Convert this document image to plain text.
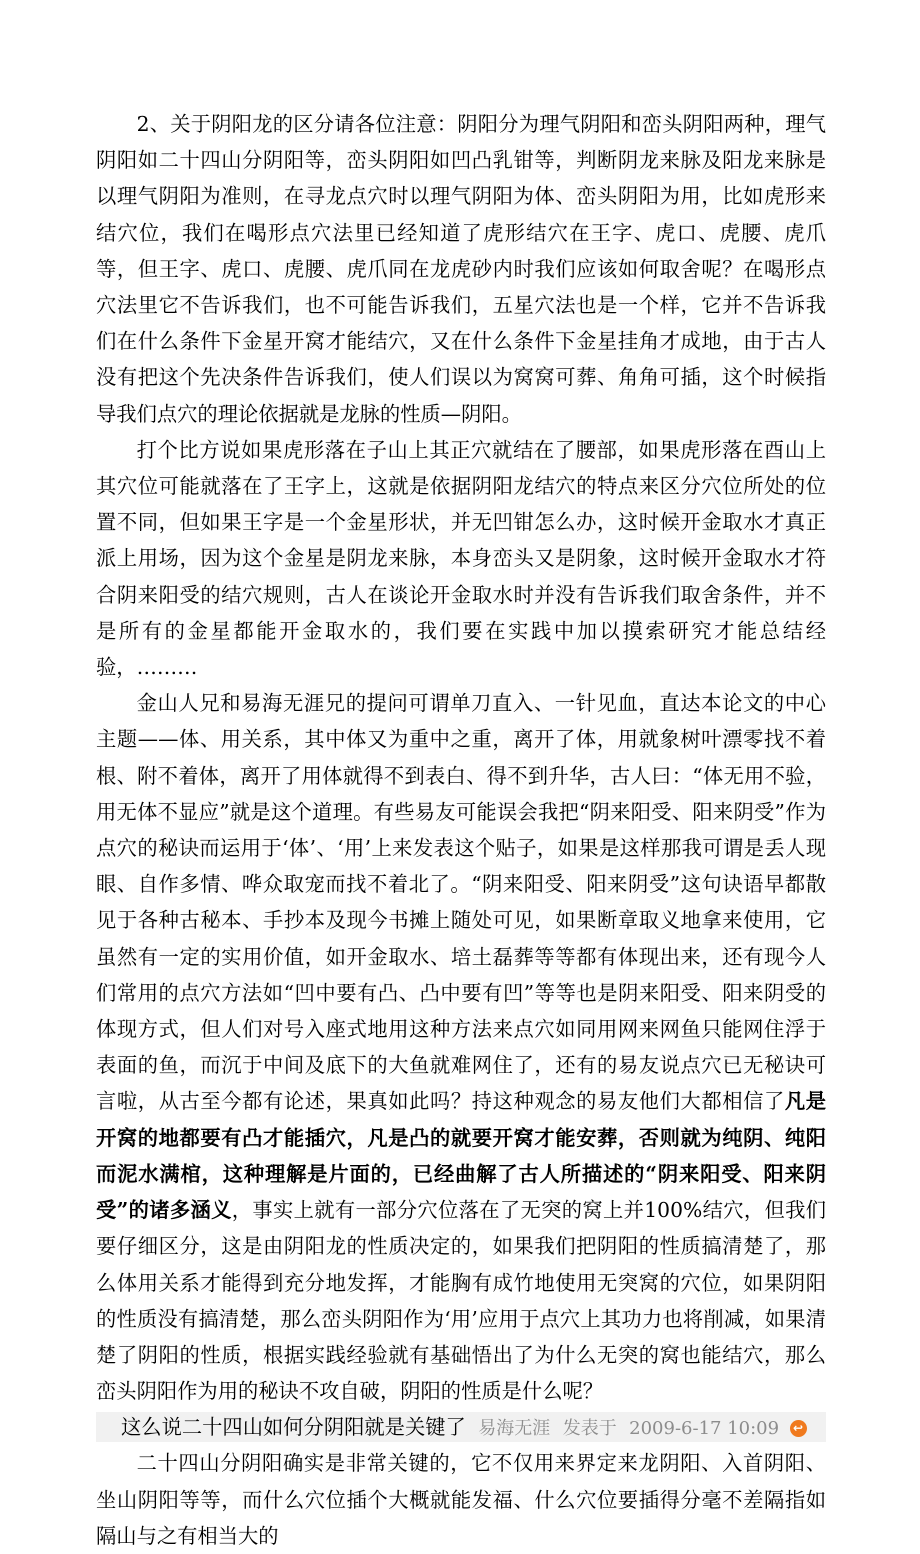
2、关于阴阳龙的区分请各位注意：阴阳分为理气阴阳和峦头阴阳两种，理气阴阳如二十四山分阴阳等，峦头阴阳如凹凸乳钳等，判断阴龙来脉及阳龙来脉是以理气阴阳为准则，在寻龙点穴时以理气阴阳为体、峦头阴阳为用，比如虎形来结穴位，我们在喝形点穴法里已经知道了虎形结穴在王字、虎口、虎腰、虎爪等，但王字、虎口、虎腰、虎爪同在龙虎砂内时我们应该如何取舍呢？在喝形点穴法里它不告诉我们，也不可能告诉我们，五星穴法也是一个样，它并不告诉我们在什么条件下金星开窝才能结穴，又在什么条件下金星挂角才成地，由于古人没有把这个先决条件告诉我们，使人们误以为窝窝可葬、角角可插，这个时候指导我们点穴的理论依据就是龙脉的性质—阴阳。

打个比方说如果虎形落在子山上其正穴就结在了腰部，如果虎形落在酉山上其穴位可能就落在了王字上，这就是依据阴阳龙结穴的特点来区分穴位所处的位置不同，但如果王字是一个金星形状，并无凹钳怎么办，这时候开金取水才真正派上用场，因为这个金星是阴龙来脉，本身峦头又是阴象，这时候开金取水才符合阴来阳受的结穴规则，古人在谈论开金取水时并没有告诉我们取舍条件，并不是所有的金星都能开金取水的，我们要在实践中加以摸索研究才能总结经验，………

金山人兄和易海无涯兄的提问可谓单刀直入、一针见血，直达本论文的中心主题——体、用关系，其中体又为重中之重，离开了体，用就象树叶漂零找不着根、附不着体，离开了用体就得不到表白、得不到升华，古人曰：“体无用不验，用无体不显应”就是这个道理。有些易友可能误会我把“阴来阳受、阳来阴受”作为点穴的秘诀而运用于‘体’、‘用’上来发表这个贴子，如果是这样那我可谓是丢人现眼、自作多情、哗众取宠而找不着北了。“阴来阳受、阳来阴受”这句诀语早都散见于各种古秘本、手抄本及现今书摊上随处可见，如果断章取义地拿来使用，它虽然有一定的实用价值，如开金取水、培土磊葬等等都有体现出来，还有现今人们常用的点穴方法如“凹中要有凸、凸中要有凹”等等也是阴来阳受、阳来阴受的体现方式，但人们对号入座式地用这种方法来点穴如同用网来网鱼只能网住浮于表面的鱼，而沉于中间及底下的大鱼就难网住了，还有的易友说点穴已无秘诀可言啦，从古至今都有论述，果真如此吗？持这种观念的易友他们大都相信了凡是开窝的地都要有凸才能插穴，凡是凸的就要开窝才能安葬，否则就为纯阴、纯阳而泥水满棺，这种理解是片面的，已经曲解了古人所描述的“阴来阳受、阳来阴受”的诸多涵义，事实上就有一部分穴位落在了无突的窝上并100%结穴，但我们要仔细区分，这是由阴阳龙的性质决定的，如果我们把阴阳的性质搞清楚了，那么体用关系才能得到充分地发挥，才能胸有成竹地使用无突窝的穴位，如果阴阳的性质没有搞清楚，那么峦头阴阳作为‘用’应用于点穴上其功力也将削减，如果清楚了阴阳的性质，根据实践经验就有基础悟出了为什么无突的窝也能结穴，那么峦头阴阳作为用的秘诀不攻自破，阴阳的性质是什么呢？

这么说二十四山如何分阴阳就是关键了 易海无涯 发表于 2009-6-17 10:09 ↩

二十四山分阴阳确实是非常关键的，它不仅用来界定来龙阴阳、入首阴阳、坐山阴阳等等，而什么穴位插个大概就能发福、什么穴位要插得分毫不差隔指如隔山与之有相当大的
